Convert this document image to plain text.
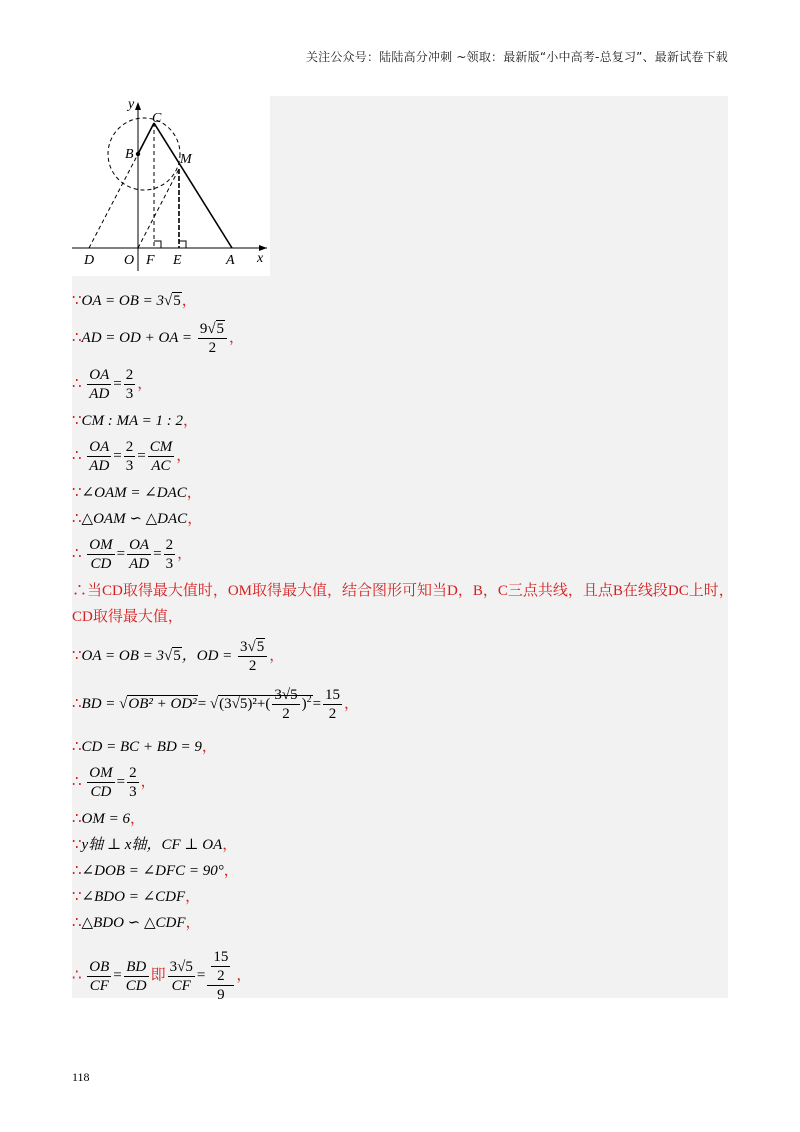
关注公众号：陆陆高分冲刺 ~领取：最新版“小中高考-总复习”、最新试卷下载
y
x
C
B	M
D O F E	A
∵OA = OB = 3√5，
∴AD = OD + OA = $\frac{9√5}{2}$ ，
∴ $\frac{OA}{AD} = \frac{2}{3}$ ，
∵CM : MA = 1 : 2，
∴ $\frac{OA}{AD} = \frac{2}{3} = \frac{CM}{AC}$ ，
∵∠OAM = ∠DAC，
∴△OAM ∽ △DAC，
∴ $\frac{OM}{CD} = \frac{OA}{AD} = \frac{2}{3}$ ，
∴当CD取得最大值时，OM取得最大值，结合图形可知当D，B，C三点共线，且点B在线段DC上时，
CD取得最大值，
∵OA = OB = 3√5，OD = $\frac{3√5}{2}$ ，
∴BD = $√OB^2 + OD^2= √(3√5)^2+( \frac{3√5}{2} )^2= \frac{15}{2}$ ，
∴CD = BC + BD = 9，
∴ $\frac{OM}{CD} = \frac{2}{3}$ ，
∴OM = 6，
∵y轴 ⊥ x轴，CF ⊥ OA，
∴∠DOB = ∠DFC = 90°，
∵∠BDO = ∠CDF，
∴△BDO ∽ △CDF，
∴ $\frac{OB}{CF} = \frac{BD}{CD}$ 即 $\frac{3√5}{CF} = \frac{\frac{15}{2}}{9}$ ，
118
